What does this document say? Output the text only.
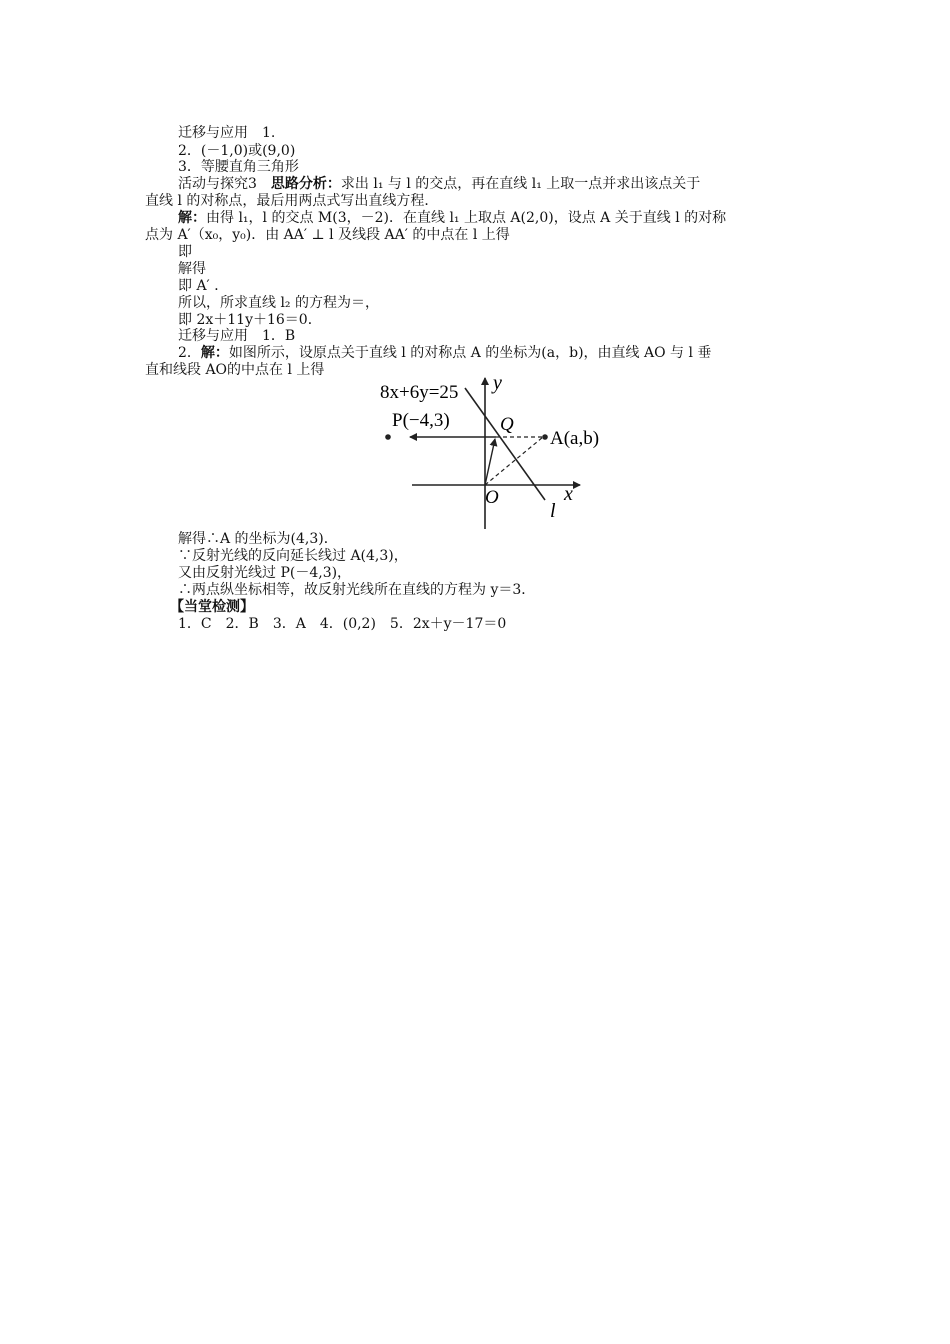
迁移与应用　1.
2．(－1,0)或(9,0)
3．等腰直角三角形
活动与探究3　思路分析：求出 l₁ 与 l 的交点，再在直线 l₁ 上取一点并求出该点关于
直线 l 的对称点，最后用两点式写出直线方程．
解：由得 l₁，l 的交点 M(3，－2)．在直线 l₁ 上取点 A(2,0)，设点 A 关于直线 l 的对称
点为 A′（x₀，y₀)．由 AA′ ⊥ l 及线段 AA′ 的中点在 l 上得
即
解得
即 A′ ．
所以，所求直线 l₂ 的方程为＝，
即 2x＋11y＋16＝0．
迁移与应用　1．B
2．解：如图所示，设原点关于直线 l 的对称点 A 的坐标为(a，b)，由直线 AO 与 l 垂
直和线段 AO的中点在 l 上得
8x+6y=25
P(−4,3)	Q
A(a,b)
O	x
y
l
解得∴A 的坐标为(4,3)．
∵反射光线的反向延长线过 A(4,3)，
又由反射光线过 P(－4,3)，
∴两点纵坐标相等，故反射光线所在直线的方程为 y＝3．
【当堂检测】
1．C　2．B　3．A　4．(0,2)　5．2x＋y－17＝0
